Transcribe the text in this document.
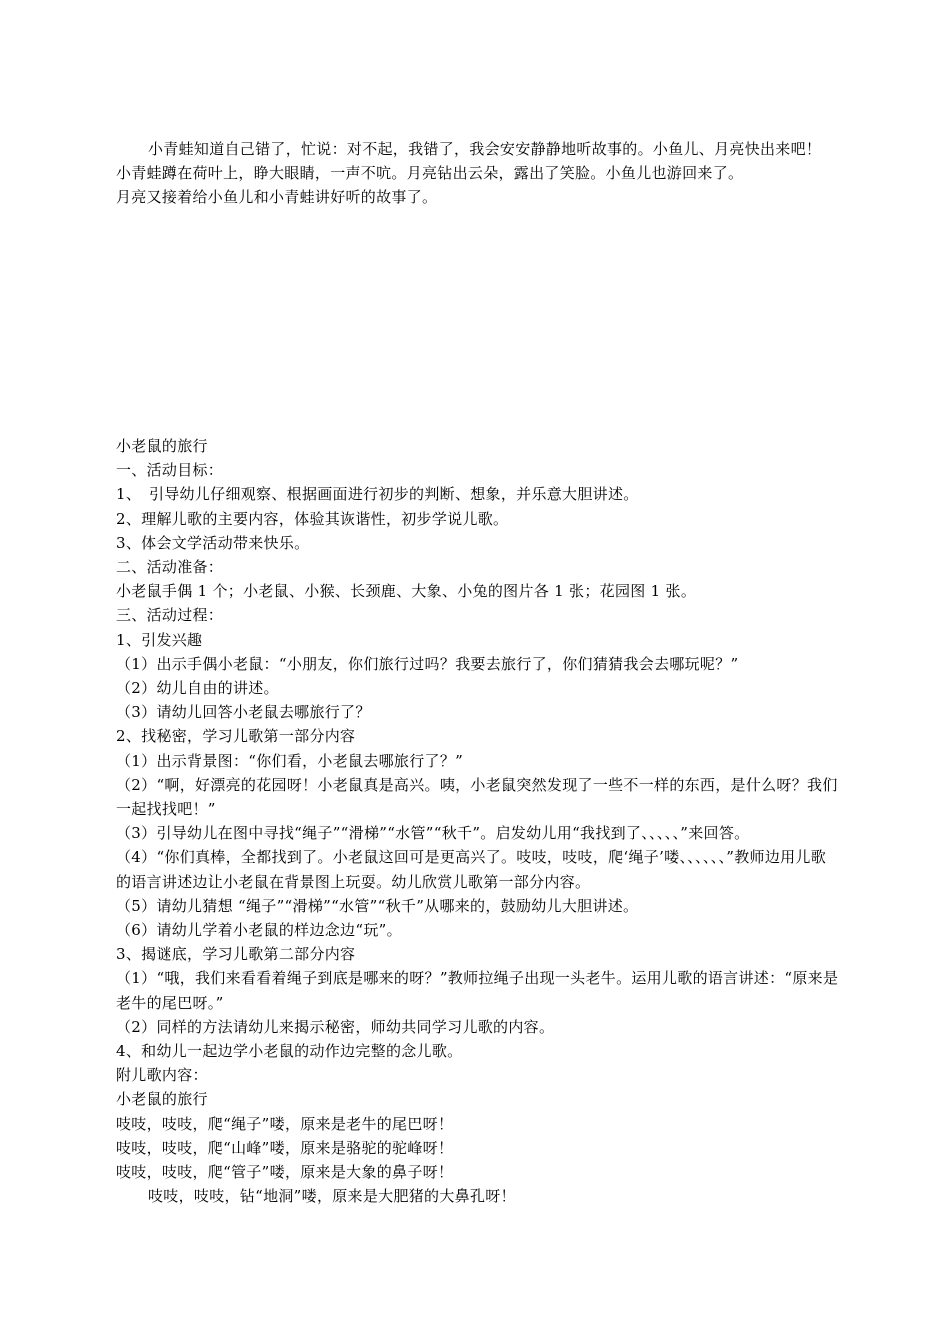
小青蛙知道自己错了，忙说：对不起，我错了，我会安安静静地听故事的。小鱼儿、月亮快出来吧！　小青蛙蹲在荷叶上，睁大眼睛，一声不吭。月亮钻出云朵，露出了笑脸。小鱼儿也游回来了。

月亮又接着给小鱼儿和小青蛙讲好听的故事了。

小老鼠的旅行

一、活动目标：

1、　引导幼儿仔细观察、根据画面进行初步的判断、想象，并乐意大胆讲述。

2、理解儿歌的主要内容，体验其诙谐性，初步学说儿歌。

3、体会文学活动带来快乐。

二、活动准备：

小老鼠手偶 1 个；小老鼠、小猴、长颈鹿、大象、小兔的图片各 1 张；花园图 1 张。

三、活动过程：

1、引发兴趣

（1）出示手偶小老鼠：“小朋友，你们旅行过吗？我要去旅行了，你们猜猜我会去哪玩呢？”

（2）幼儿自由的讲述。

（3）请幼儿回答小老鼠去哪旅行了？

2、找秘密，学习儿歌第一部分内容

（1）出示背景图：“你们看，小老鼠去哪旅行了？”

（2）“啊，好漂亮的花园呀！小老鼠真是高兴。咦，小老鼠突然发现了一些不一样的东西，是什么呀？我们一起找找吧！”

（3）引导幼儿在图中寻找“绳子”“滑梯”“水管”“秋千”。启发幼儿用“我找到了、、、、、”来回答。

（4）“你们真棒，全都找到了。小老鼠这回可是更高兴了。吱吱，吱吱，爬‘绳子’喽、、、、、、”教师边用儿歌的语言讲述边让小老鼠在背景图上玩耍。幼儿欣赏儿歌第一部分内容。

（5）请幼儿猜想 “绳子”“滑梯”“水管”“秋千”从哪来的，鼓励幼儿大胆讲述。

（6）请幼儿学着小老鼠的样边念边“玩”。

3、揭谜底，学习儿歌第二部分内容

（1）“哦，我们来看看着绳子到底是哪来的呀？”教师拉绳子出现一头老牛。运用儿歌的语言讲述：“原来是老牛的尾巴呀。”

（2）同样的方法请幼儿来揭示秘密，师幼共同学习儿歌的内容。

4、和幼儿一起边学小老鼠的动作边完整的念儿歌。

附儿歌内容：

小老鼠的旅行

吱吱，吱吱，爬“绳子”喽，原来是老牛的尾巴呀！

吱吱，吱吱，爬“山峰”喽，原来是骆驼的驼峰呀！

吱吱，吱吱，爬“管子”喽，原来是大象的鼻子呀！

吱吱，吱吱，钻“地洞”喽，原来是大肥猪的大鼻孔呀！
